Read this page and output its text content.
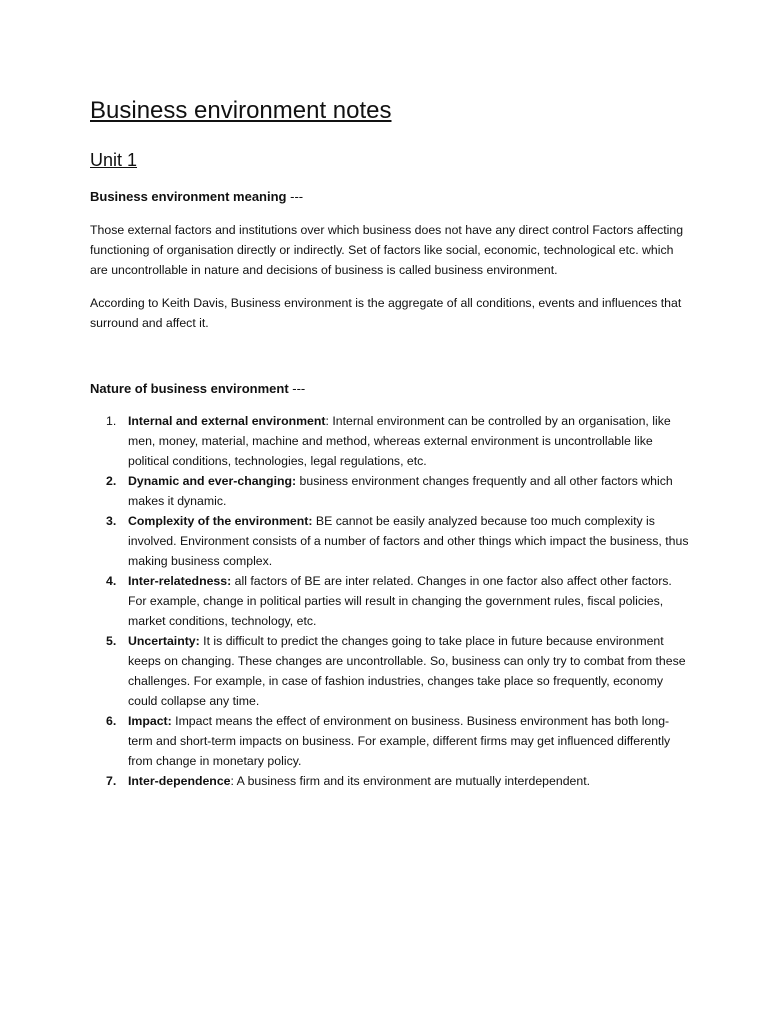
Business environment notes
Unit 1

Business environment meaning ---

Those external factors and institutions over which business does not have any direct control Factors affecting functioning of organisation directly or indirectly. Set of factors like social, economic, technological etc. which are uncontrollable in nature and decisions of business is called business environment.

According to Keith Davis, Business environment is the aggregate of all conditions, events and influences that surround and affect it.

Nature of business environment ---

1. Internal and external environment: Internal environment can be controlled by an organisation, like men, money, material, machine and method, whereas external environment is uncontrollable like political conditions, technologies, legal regulations, etc.
2. Dynamic and ever-changing: business environment changes frequently and all other factors which makes it dynamic.
3. Complexity of the environment: BE cannot be easily analyzed because too much complexity is involved. Environment consists of a number of factors and other things which impact the business, thus making business complex.
4. Inter-relatedness: all factors of BE are inter related. Changes in one factor also affect other factors. For example, change in political parties will result in changing the government rules, fiscal policies, market conditions, technology, etc.
5. Uncertainty: It is difficult to predict the changes going to take place in future because environment keeps on changing. These changes are uncontrollable. So, business can only try to combat from these challenges. For example, in case of fashion industries, changes take place so frequently, economy could collapse any time.
6. Impact: Impact means the effect of environment on business. Business environment has both long-term and short-term impacts on business. For example, different firms may get influenced differently from change in monetary policy.
7. Inter-dependence: A business firm and its environment are mutually interdependent.
